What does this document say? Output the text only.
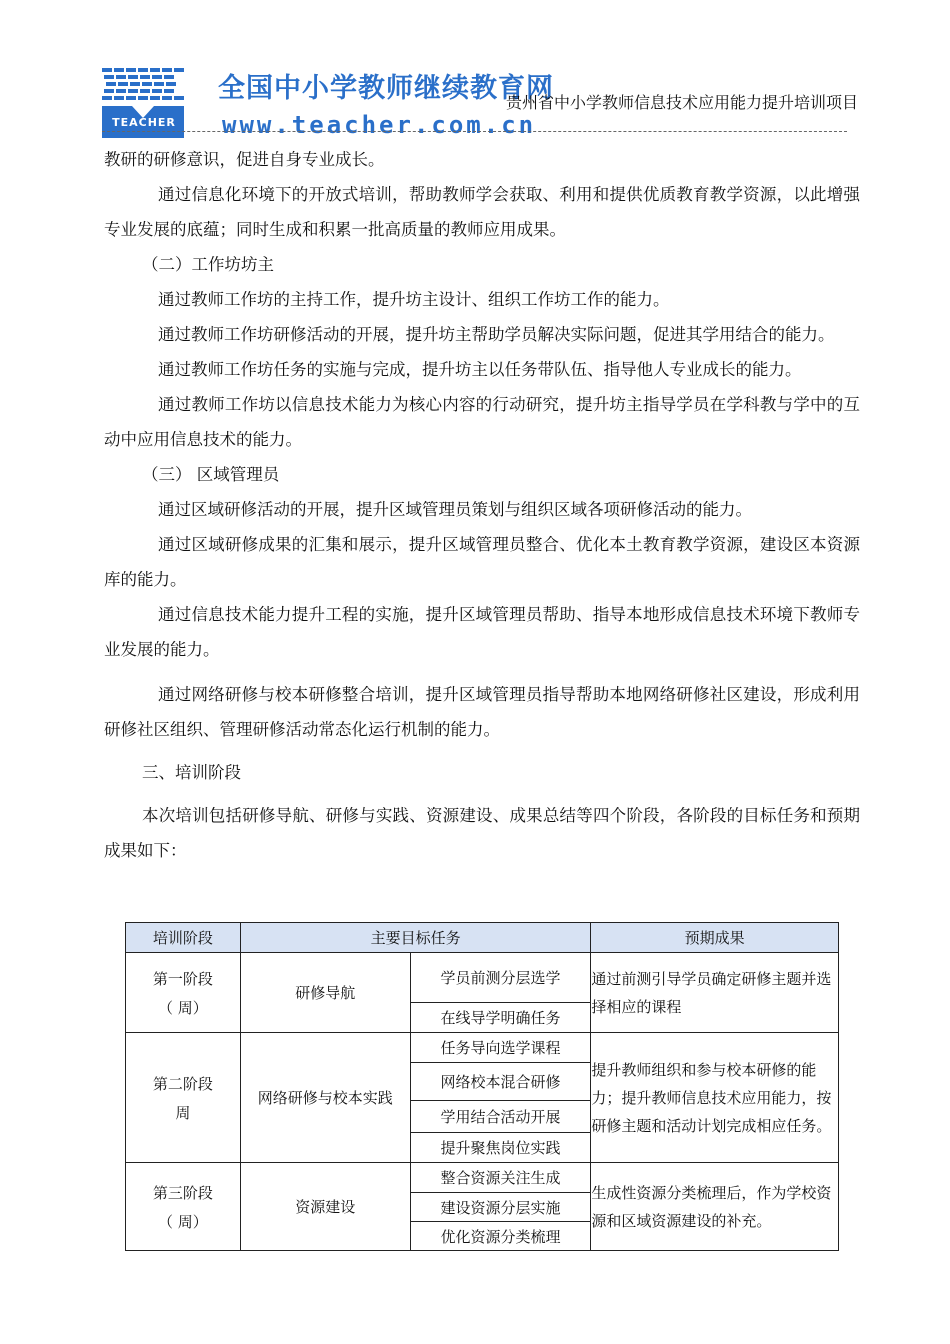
TEACHER
全国中小学教师继续教育网
www.teacher.com.cn
贵州省中小学教师信息技术应用能力提升培训项目

教研的研修意识，促进自身专业成长。

通过信息化环境下的开放式培训，帮助教师学会获取、利用和提供优质教育教学资源，以此增强专业发展的底蕴；同时生成和积累一批高质量的教师应用成果。

（二）工作坊坊主

通过教师工作坊的主持工作，提升坊主设计、组织工作坊工作的能力。

通过教师工作坊研修活动的开展，提升坊主帮助学员解决实际问题，促进其学用结合的能力。

通过教师工作坊任务的实施与完成，提升坊主以任务带队伍、指导他人专业成长的能力。

通过教师工作坊以信息技术能力为核心内容的行动研究，提升坊主指导学员在学科教与学中的互动中应用信息技术的能力。

（三） 区域管理员

通过区域研修活动的开展，提升区域管理员策划与组织区域各项研修活动的能力。

通过区域研修成果的汇集和展示，提升区域管理员整合、优化本土教育教学资源，建设区本资源库的能力。

通过信息技术能力提升工程的实施，提升区域管理员帮助、指导本地形成信息技术环境下教师专业发展的能力。

通过网络研修与校本研修整合培训，提升区域管理员指导帮助本地网络研修社区建设，形成利用研修社区组织、管理研修活动常态化运行机制的能力。

三、培训阶段

本次培训包括研修导航、研修与实践、资源建设、成果总结等四个阶段，各阶段的目标任务和预期成果如下：

培训阶段	主要目标任务		预期成果

第一阶段
（ 周）	研修导航	学员前测分层选学	通过前测引导学员确定研修主题并选择相应的课程
		在线导学明确任务	

第二阶段
周	网络研修与校本实践	任务导向选学课程	提升教师组织和参与校本研修的能力；提升教师信息技术应用能力，按研修主题和活动计划完成相应任务。
		网络校本混合研修	
		学用结合活动开展	
		提升聚焦岗位实践	

第三阶段
（ 周）	资源建设	整合资源关注生成	生成性资源分类梳理后，作为学校资源和区域资源建设的补充。
		建设资源分层实施	
		优化资源分类梳理	
